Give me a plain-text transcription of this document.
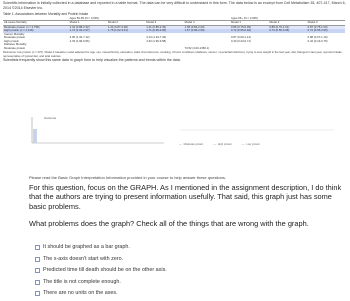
Scientific information is initially collected in a database and reported in a table format. The data can be very difficult to understand in this form. The data below is an excerpt from Cell Metabolism 35, 407-417, March 6, 2014 ©2014 Elsevier Inc.
Table 1. Associations between Mortality and Protein Intake
	Ages 50-65 (N = 3,039)				Ages 66+ (N = 2,945)		
All-cause Mortality	Model 1	Model 2	Model 3	Model 4	Model 1	Model 2	Model 3
Moderate protein (n = 2,798)	1.43 (0.88-2.32)	1.44 (0.87-2.38)	1.41 (0.85-2.33)	1.38 (0.83-2.29)	0.86 (0.75-0.99)	0.88 (0.76-1.01)	0.87 (0.75-1.00)
High protein (n = 1,146)	1.74 (1.02-2.97)	1.75 (1.02-3.01)	1.71 (0.99-2.95)	1.67 (0.96-2.90)	0.72 (0.55-0.94)	0.73 (0.55-0.95)	0.72 (0.55-0.95)
Cancer Mortality							
Moderate protein	3.06 (1.32-7.12)		3.13 (1.34-7.33)		0.87 (0.66-1.14)		0.88 (0.67-1.16)
High protein	4.33 (1.96-9.56)		4.33 (1.96-9.58)		0.40 (0.23-0.71)		0.42 (0.23-0.75)
Diabetes Mortality							
Moderate protein				73.52 (4.00-1350.1)			
Reference: low protein (n = 437). Model 1 baseline model adjusted for age, sex, race/ethnicity, education, waist circumference, smoking, chronic conditions (diabetes, cancer, myocardial infarction), trying to lose weight in the last year, diet changed in last year, reported intake representative of typical diet, and total calories.
Scientists frequently show this same data in graph form to help visualize the patterns and trends within the data.
Outcome
— Moderate protein	— High protein	— Low protein
Please read the Basic Graph Interpretation Information provided in your course to help answer these questions.
For this question, focus on the GRAPH. As I mentioned in the assignment description, I do think that the authors are trying to present information usefully. That said, this graph just has some basic problems.
What problems does the graph? Check all of the things that are wrong with the graph.
It should be graphed as a bar graph.
The x-axis doesn't start with zero.
Predicted time till death should be on the other axis.
The title is not complete enough.
There are no units on the axes.
